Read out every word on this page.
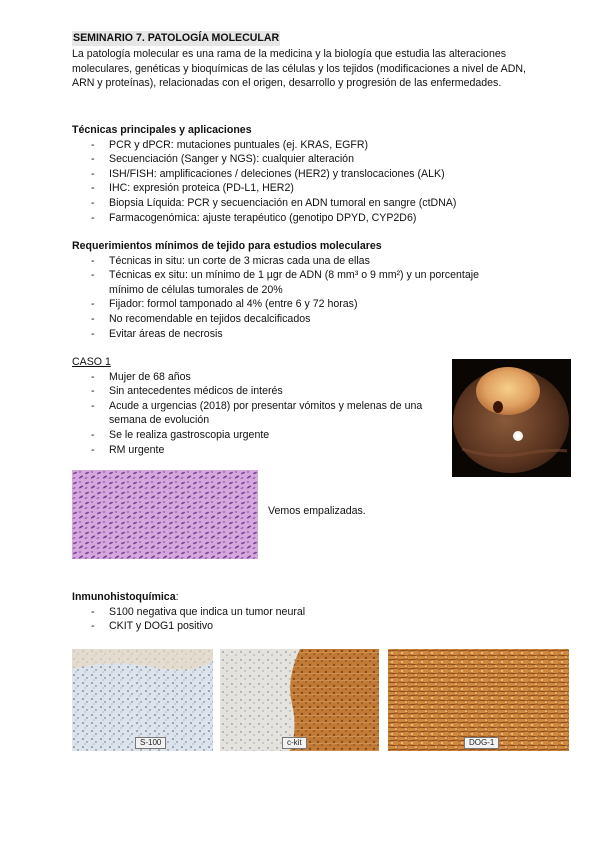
SEMINARIO 7. PATOLOGÍA MOLECULAR
La patología molecular es una rama de la medicina y la biología que estudia las alteraciones moleculares, genéticas y bioquímicas de las células y los tejidos (modificaciones a nivel de ADN, ARN y proteínas), relacionadas con el origen, desarrollo y progresión de las enfermedades.
Técnicas principales y aplicaciones
- PCR y dPCR: mutaciones puntuales (ej. KRAS, EGFR)
- Secuenciación (Sanger y NGS): cualquier alteración
- ISH/FISH: amplificaciones / deleciones (HER2) y translocaciones (ALK)
- IHC: expresión proteica (PD-L1, HER2)
- Biopsia Líquida: PCR y secuenciación en ADN tumoral en sangre (ctDNA)
- Farmacogenómica: ajuste terapéutico (genotipo DPYD, CYP2D6)
Requerimientos mínimos de tejido para estudios moleculares
- Técnicas in situ: un corte de 3 micras cada una de ellas
- Técnicas ex situ: un mínimo de 1 µgr de ADN (8 mm³ o 9 mm²) y un porcentaje mínimo de células tumorales de 20%
- Fijador: formol tamponado al 4% (entre 6 y 72 horas)
- No recomendable en tejidos decalcificados
- Evitar áreas de necrosis
CASO 1
- Mujer de 68 años
- Sin antecedentes médicos de interés
- Acude a urgencias (2018) por presentar vómitos y melenas de una semana de evolución
- Se le realiza gastroscopia urgente
- RM urgente
Vemos empalizadas.
Inmunohistoquímica:
- S100 negativa que indica un tumor neural
- CKIT y DOG1 positivo
S-100	c-kit	DOG-1
